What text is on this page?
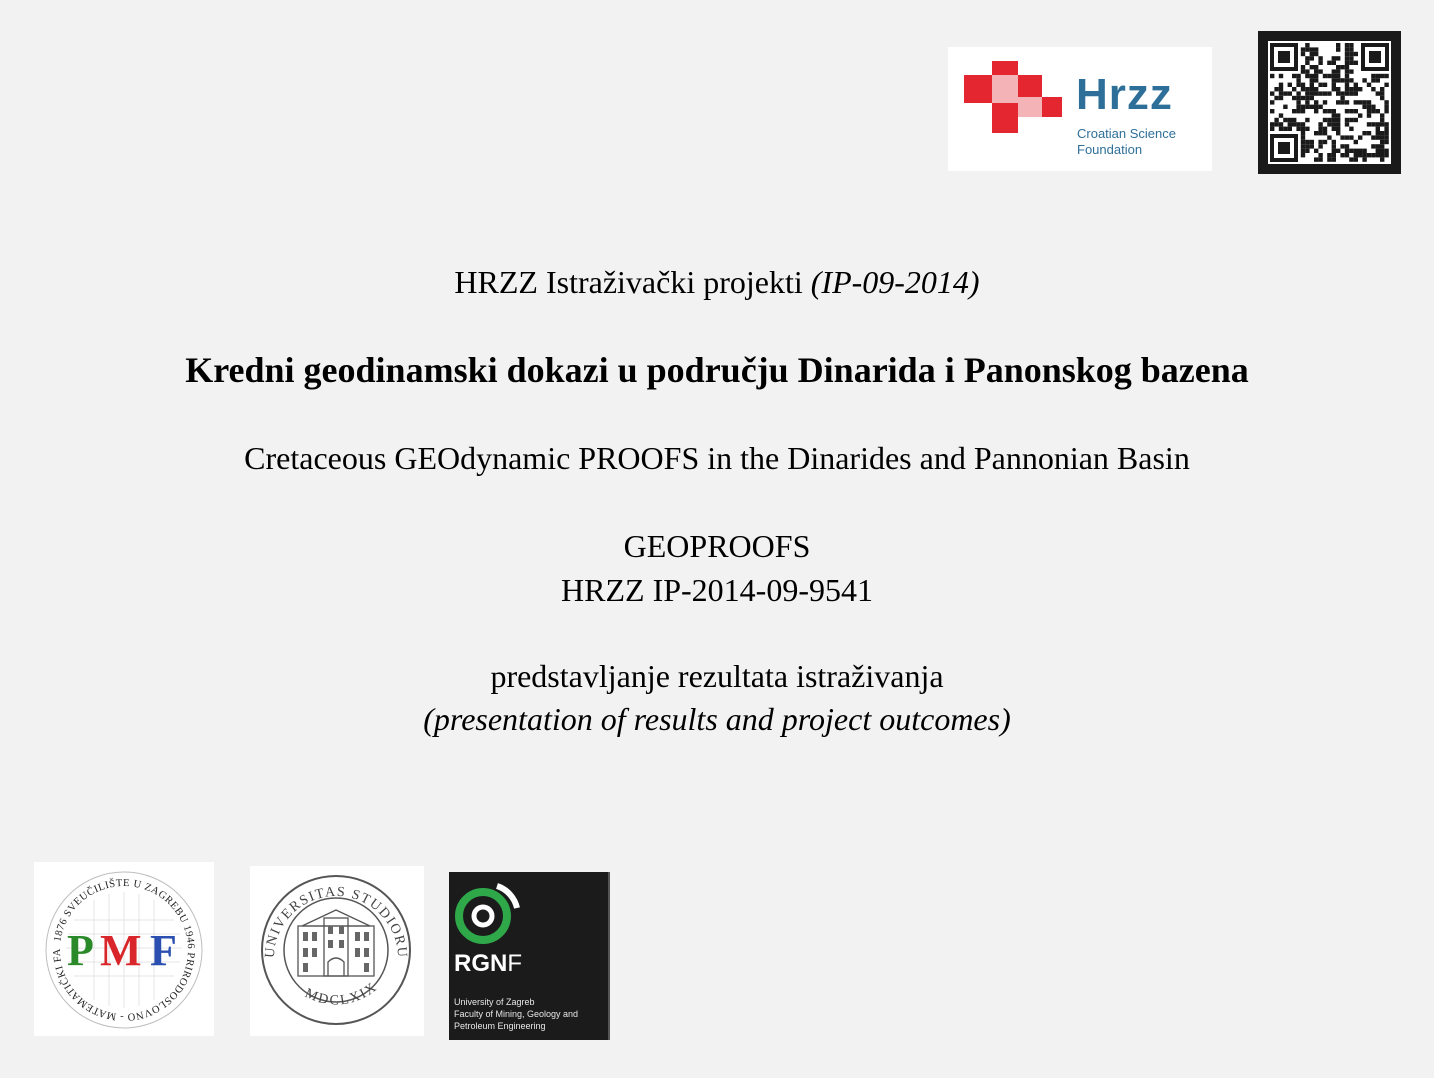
Hrzz
Croatian Science
Foundation
HRZZ Istraživački projekti (IP-09-2014)
Kredni geodinamski dokazi u području Dinarida i Panonskog bazena
Cretaceous GEOdynamic PROOFS in the Dinarides and Pannonian Basin
GEOPROOFS
HRZZ IP-2014-09-9541
predstavljanje rezultata istraživanja
(presentation of results and project outcomes)
1876 SVEUČILIŠTE U ZAGREBU 1946 PRIRODOSLOVNO - MATEMATIČKI FA P M F	UNIVERSITAS STUDIORU
MDCLXIX
RGNF
University of Zagreb
Faculty of Mining, Geology and
Petroleum Engineering
